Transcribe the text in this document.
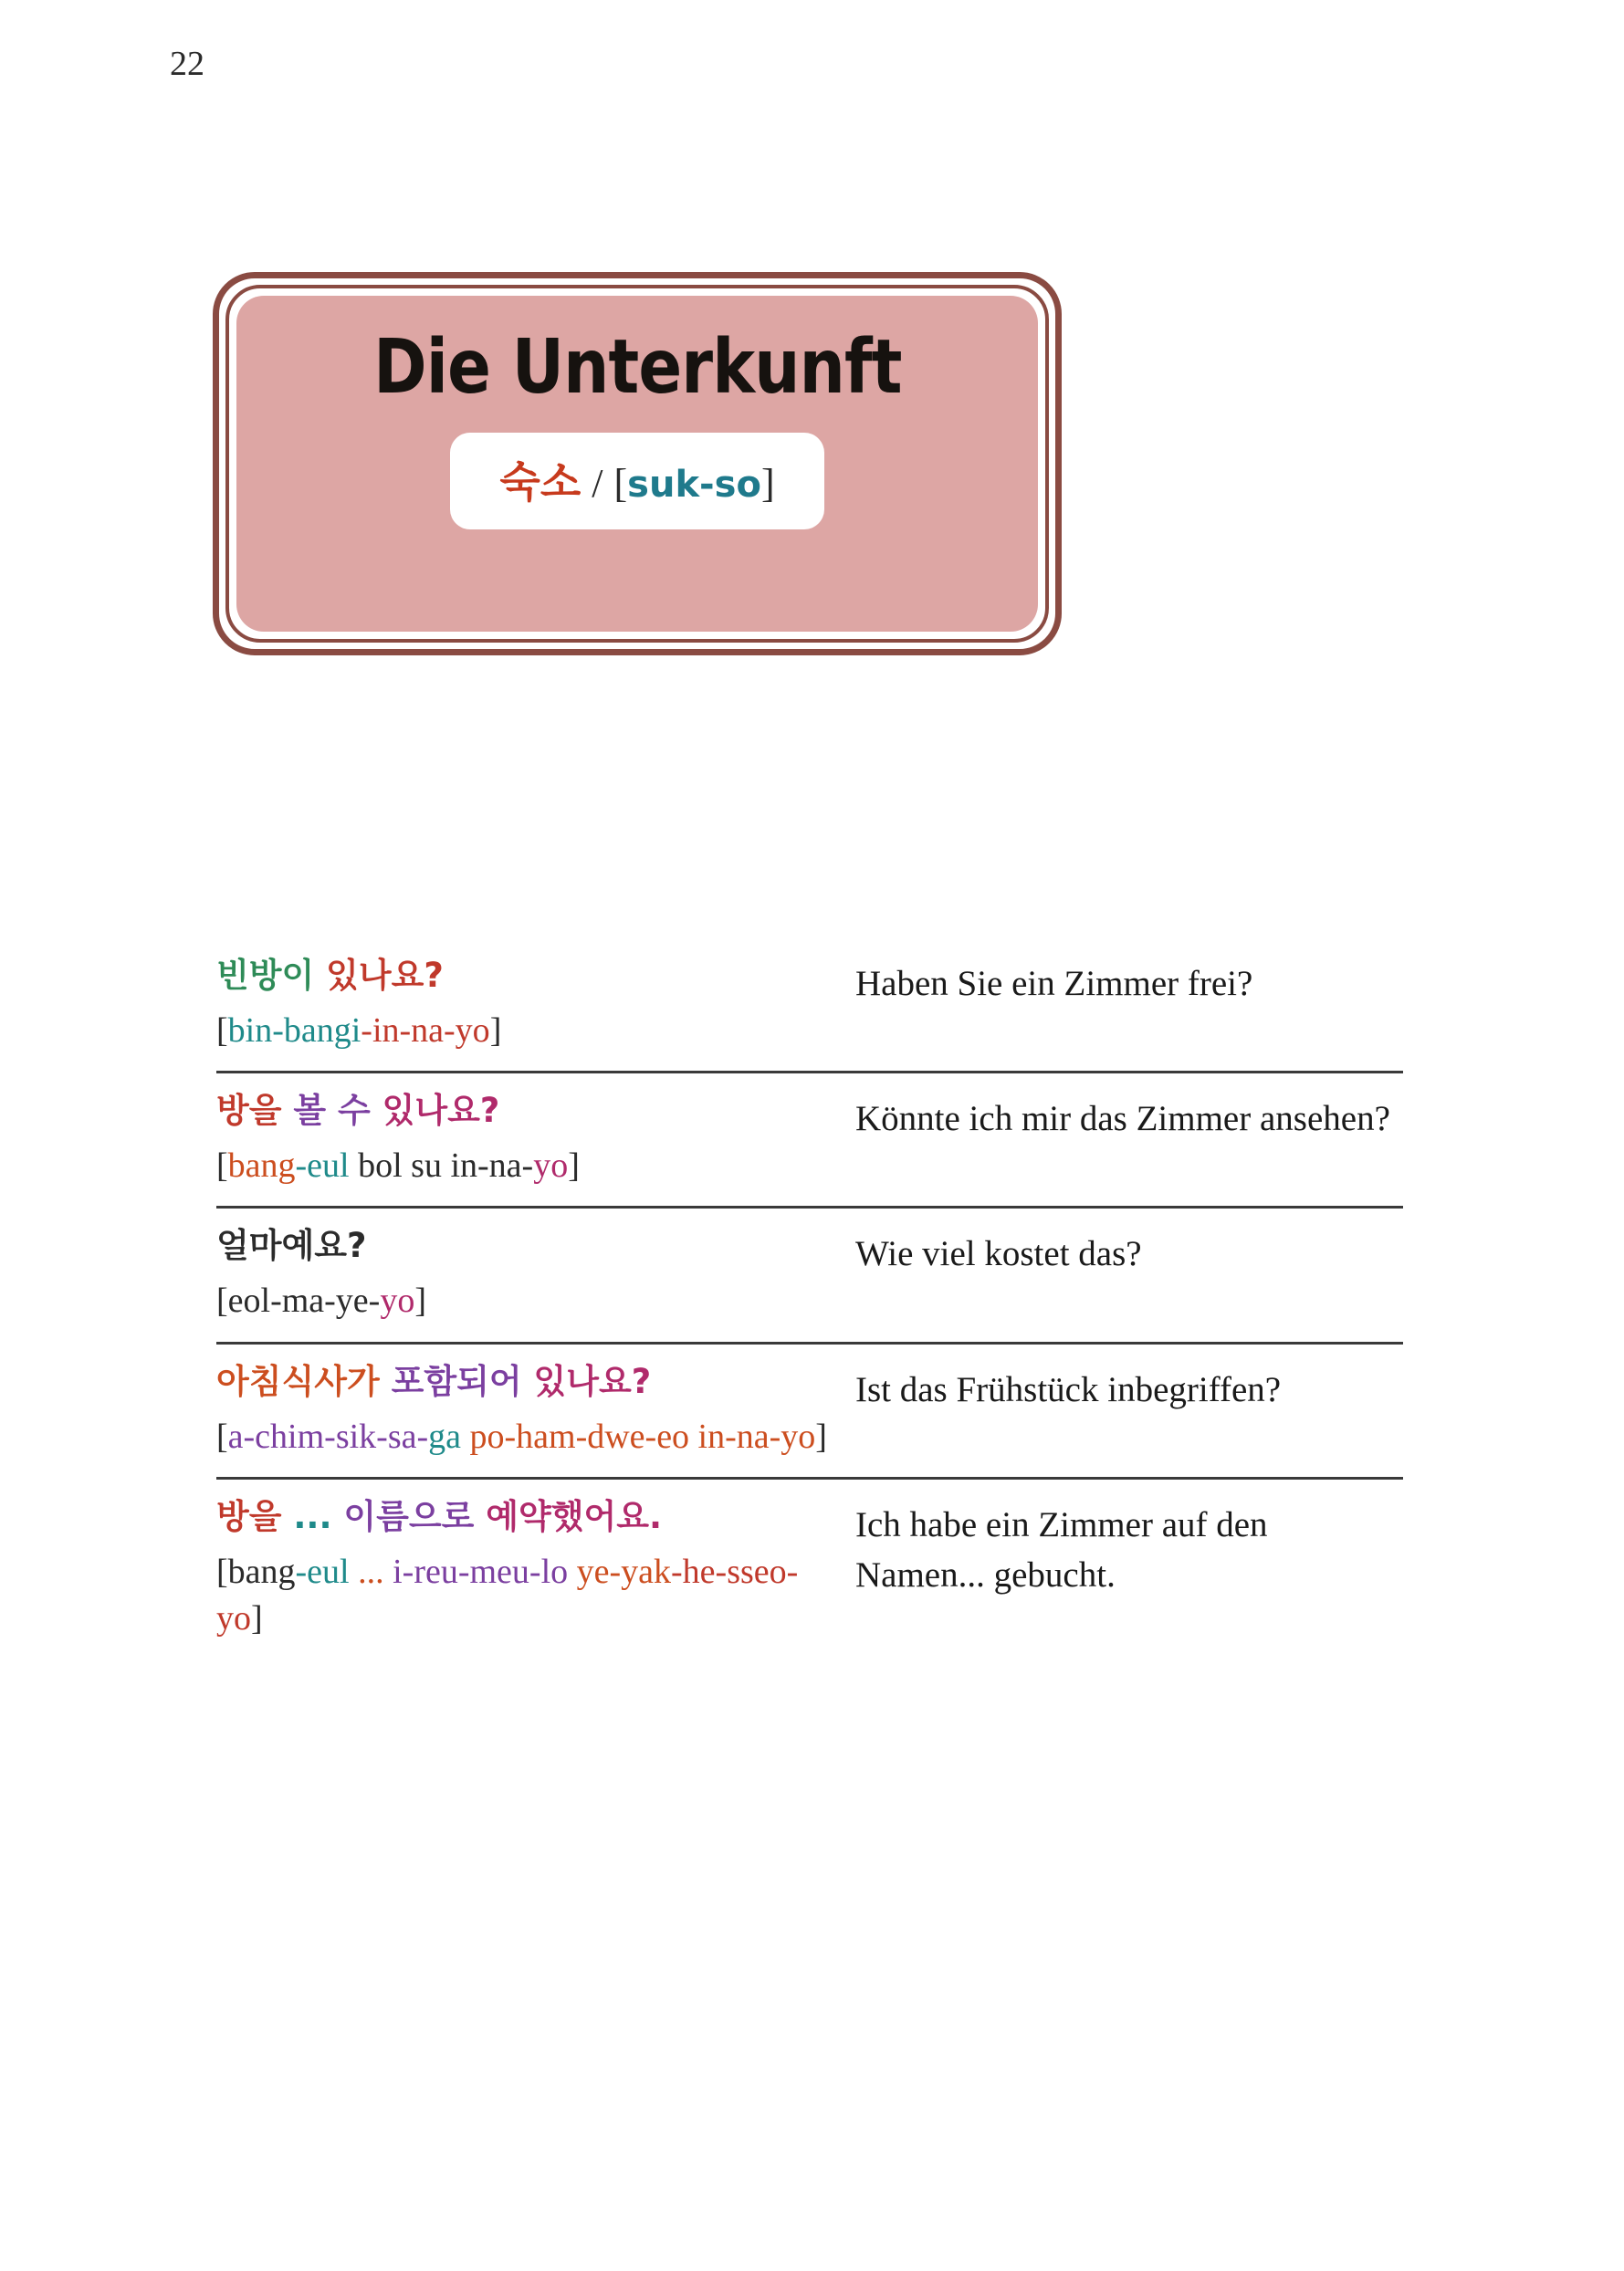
22
Die Unterkunft
숙소 / [ suk-so ]
빈방이 있나요?
[bin-bangi-in-na-yo]
Haben Sie ein Zimmer frei?
방을 볼 수 있나요?
[bang-eul bol su in-na-yo]
Könnte ich mir das Zimmer ansehen?
얼마예요?
[eol-ma-ye-yo]
Wie viel kostet das?
아침식사가 포함되어 있나요?
[a-chim-sik-sa-ga po-ham-dwe-eo in-na-yo]
Ist das Frühstück inbegriffen?
방을 ... 이름으로 예약했어요.
[bang-eul ... i-reu-meu-lo ye-yak-he-sseo-yo]
Ich habe ein Zimmer auf den Namen... gebucht.
